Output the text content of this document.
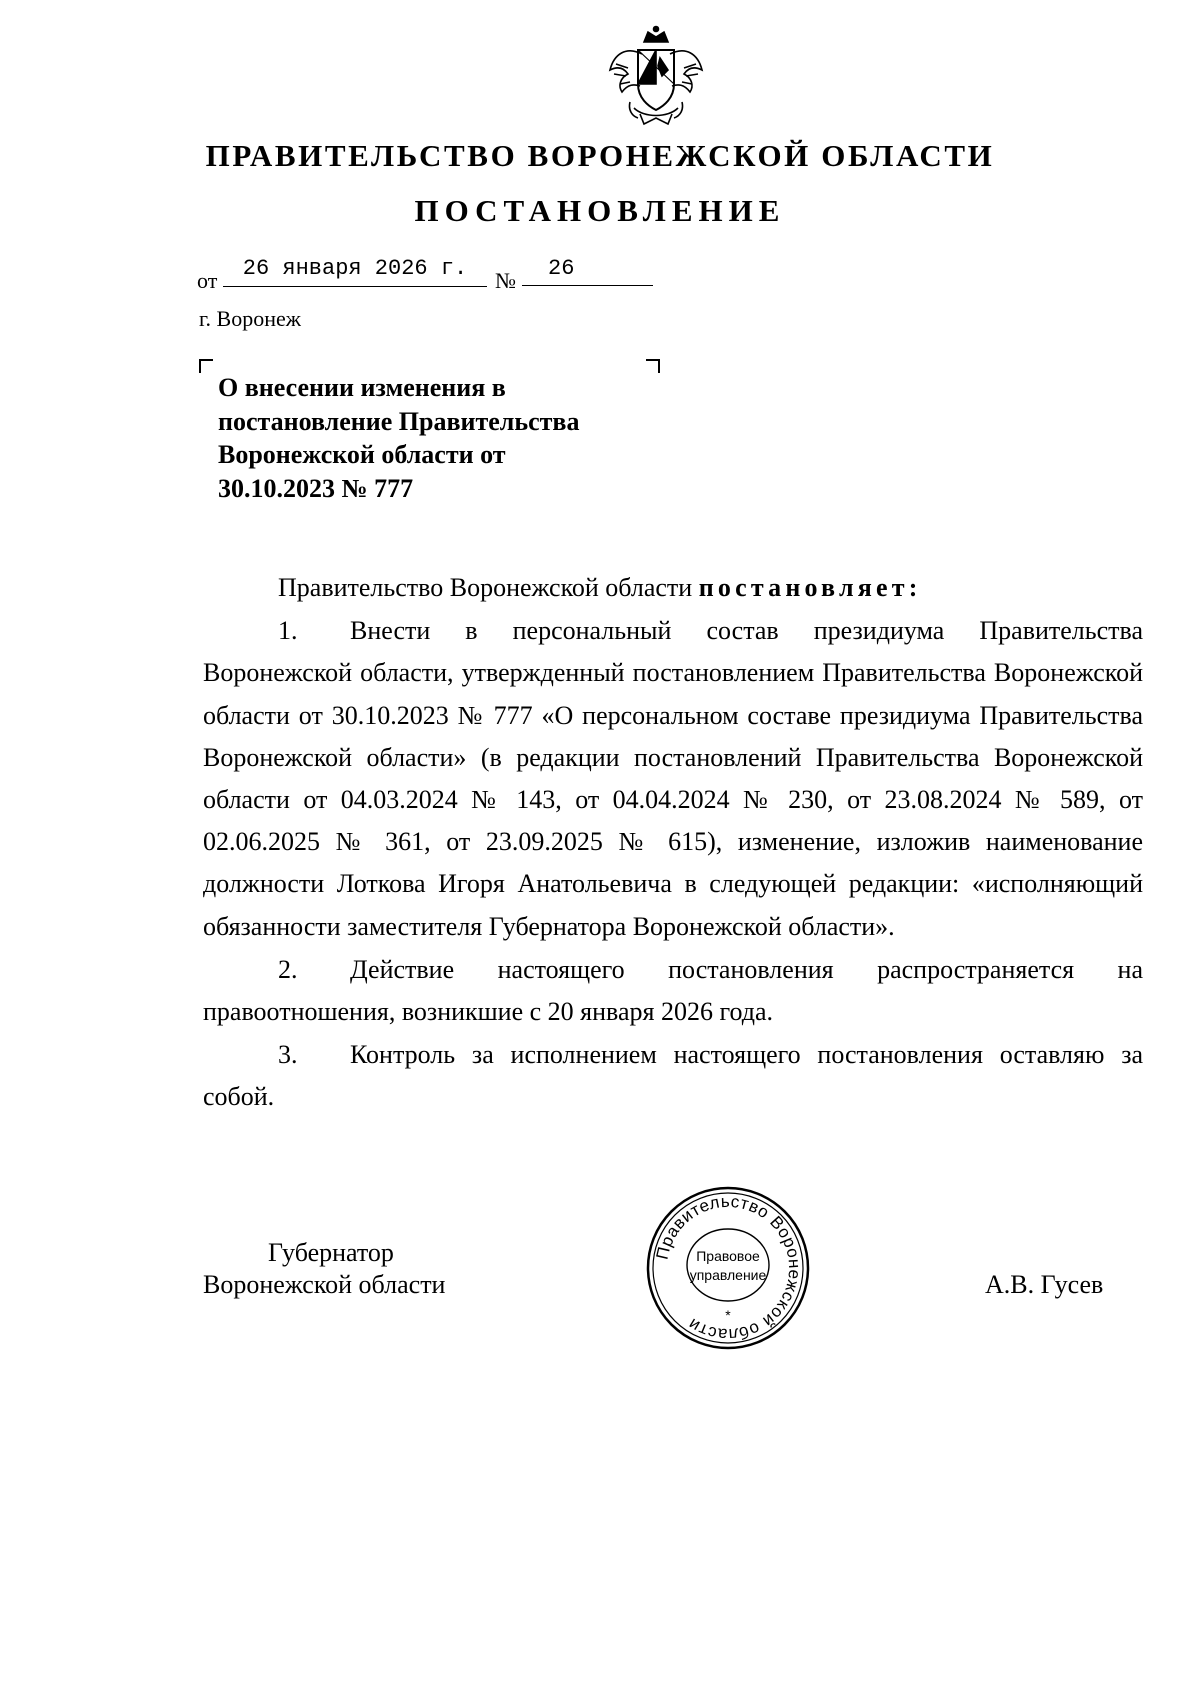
ПРАВИТЕЛЬСТВО ВОРОНЕЖСКОЙ ОБЛАСТИ
ПОСТАНОВЛЕНИЕ
от	26 января 2026 г.	№	26

г. Воронеж

О внесении изменения в
постановление Правительства
Воронежской области от
30.10.2023 № 777

Правительство Воронежской области постановляет:

1. Внести в персональный состав президиума Правительства Воронежской области, утвержденный постановлением Правительства Воронежской области от 30.10.2023 № 777 «О персональном составе президиума Правительства Воронежской области» (в редакции постановлений Правительства Воронежской области от 04.03.2024 № 143, от 04.04.2024 № 230, от 23.08.2024 № 589, от 02.06.2025 № 361, от 23.09.2025 № 615), изменение, изложив наименование должности Лоткова Игоря Анатольевича в следующей редакции: «исполняющий обязанности заместителя Губернатора Воронежской области».

2. Действие настоящего постановления распространяется на правоотношения, возникшие с 20 января 2026 года.

3. Контроль за исполнением настоящего постановления оставляю за собой.

Губернатор
Воронежской области	А.В. Гусев
Правительство Воронежской области
Правовое
управление
*
